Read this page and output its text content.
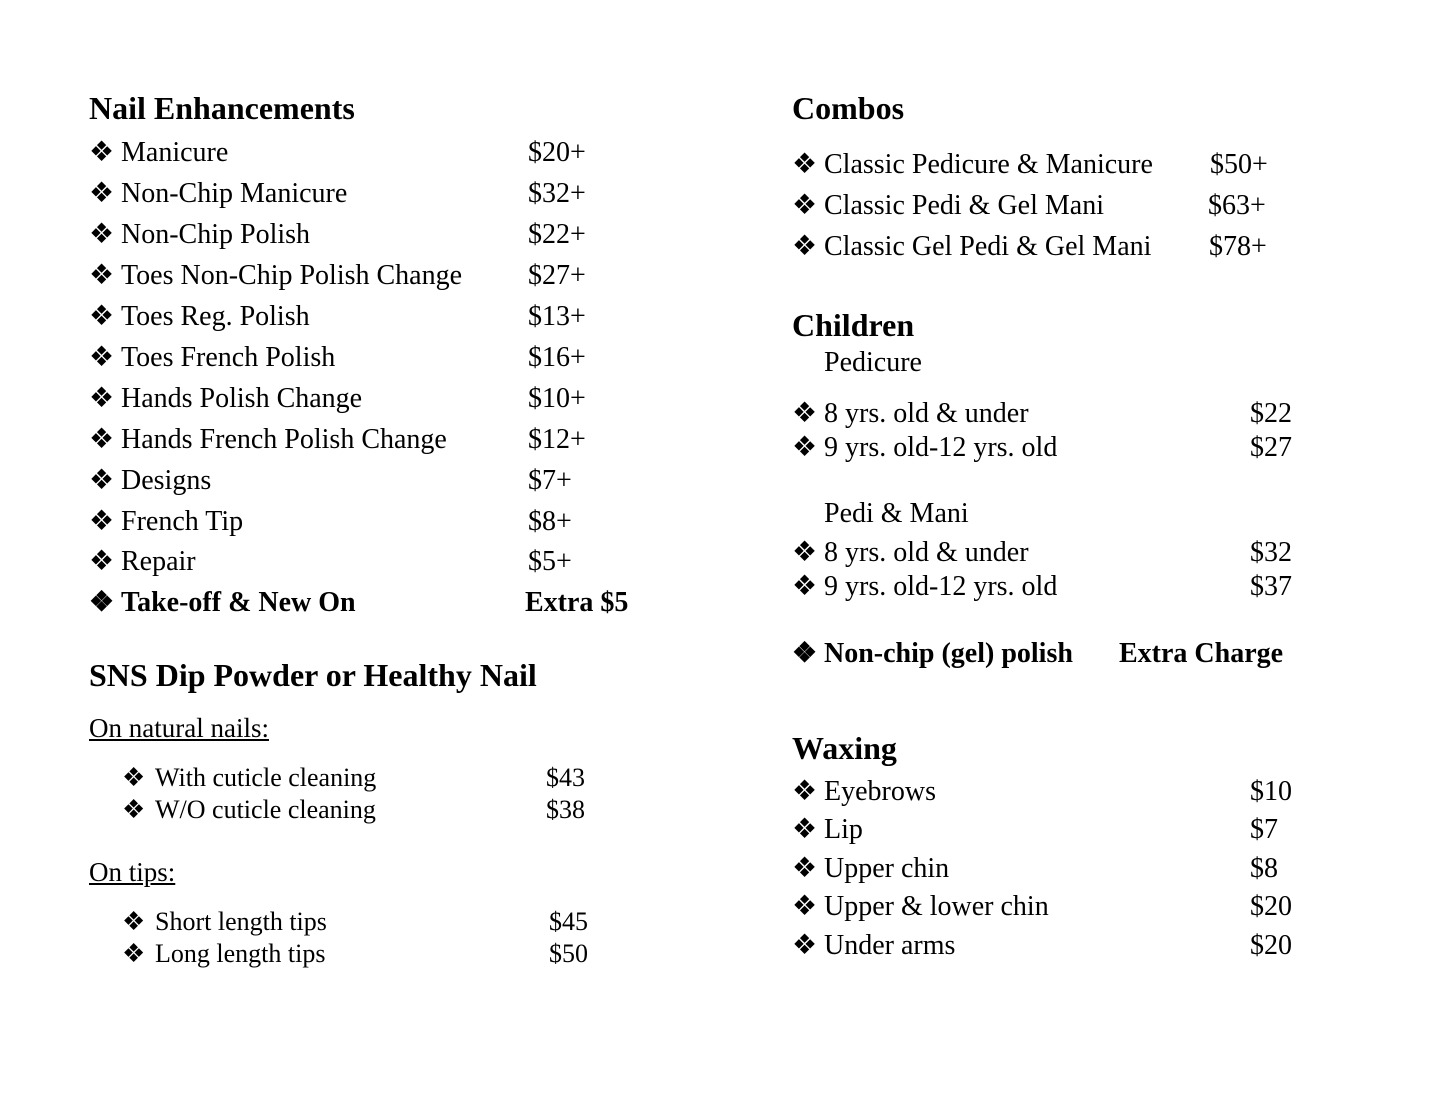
Nail Enhancements
❖ Manicure	$20+
❖ Non-Chip Manicure	$32+
❖ Non-Chip Polish	$22+
❖ Toes Non-Chip Polish Change $27+
❖ Toes Reg. Polish	$13+
❖ Toes French Polish	$16+
❖ Hands Polish Change	$10+
❖ Hands French Polish Change	$12+
❖ Designs	$7+
❖ French Tip	$8+
❖ Repair	$5+
❖ Take-off & New On	Extra $5
SNS Dip Powder or Healthy Nail
On natural nails:
❖ With cuticle cleaning	$43
❖ W/O cuticle cleaning	$38
On tips:
❖ Short length tips	$45
❖ Long length tips	$50
Combos
❖ Classic Pedicure & Manicure $50+
❖ Classic Pedi & Gel Mani	$63+
❖ Classic Gel Pedi & Gel Mani $78+
Children
Pedicure
❖ 8 yrs. old & under	$22
❖ 9 yrs. old-12 yrs. old	$27
Pedi & Mani
❖ 8 yrs. old & under	$32
❖ 9 yrs. old-12 yrs. old	$37
❖ Non-chip (gel) polish Extra Charge
Waxing
❖ Eyebrows	$10
❖ Lip	$7
❖ Upper chin	$8
❖ Upper & lower chin	$20
❖ Under arms	$20
